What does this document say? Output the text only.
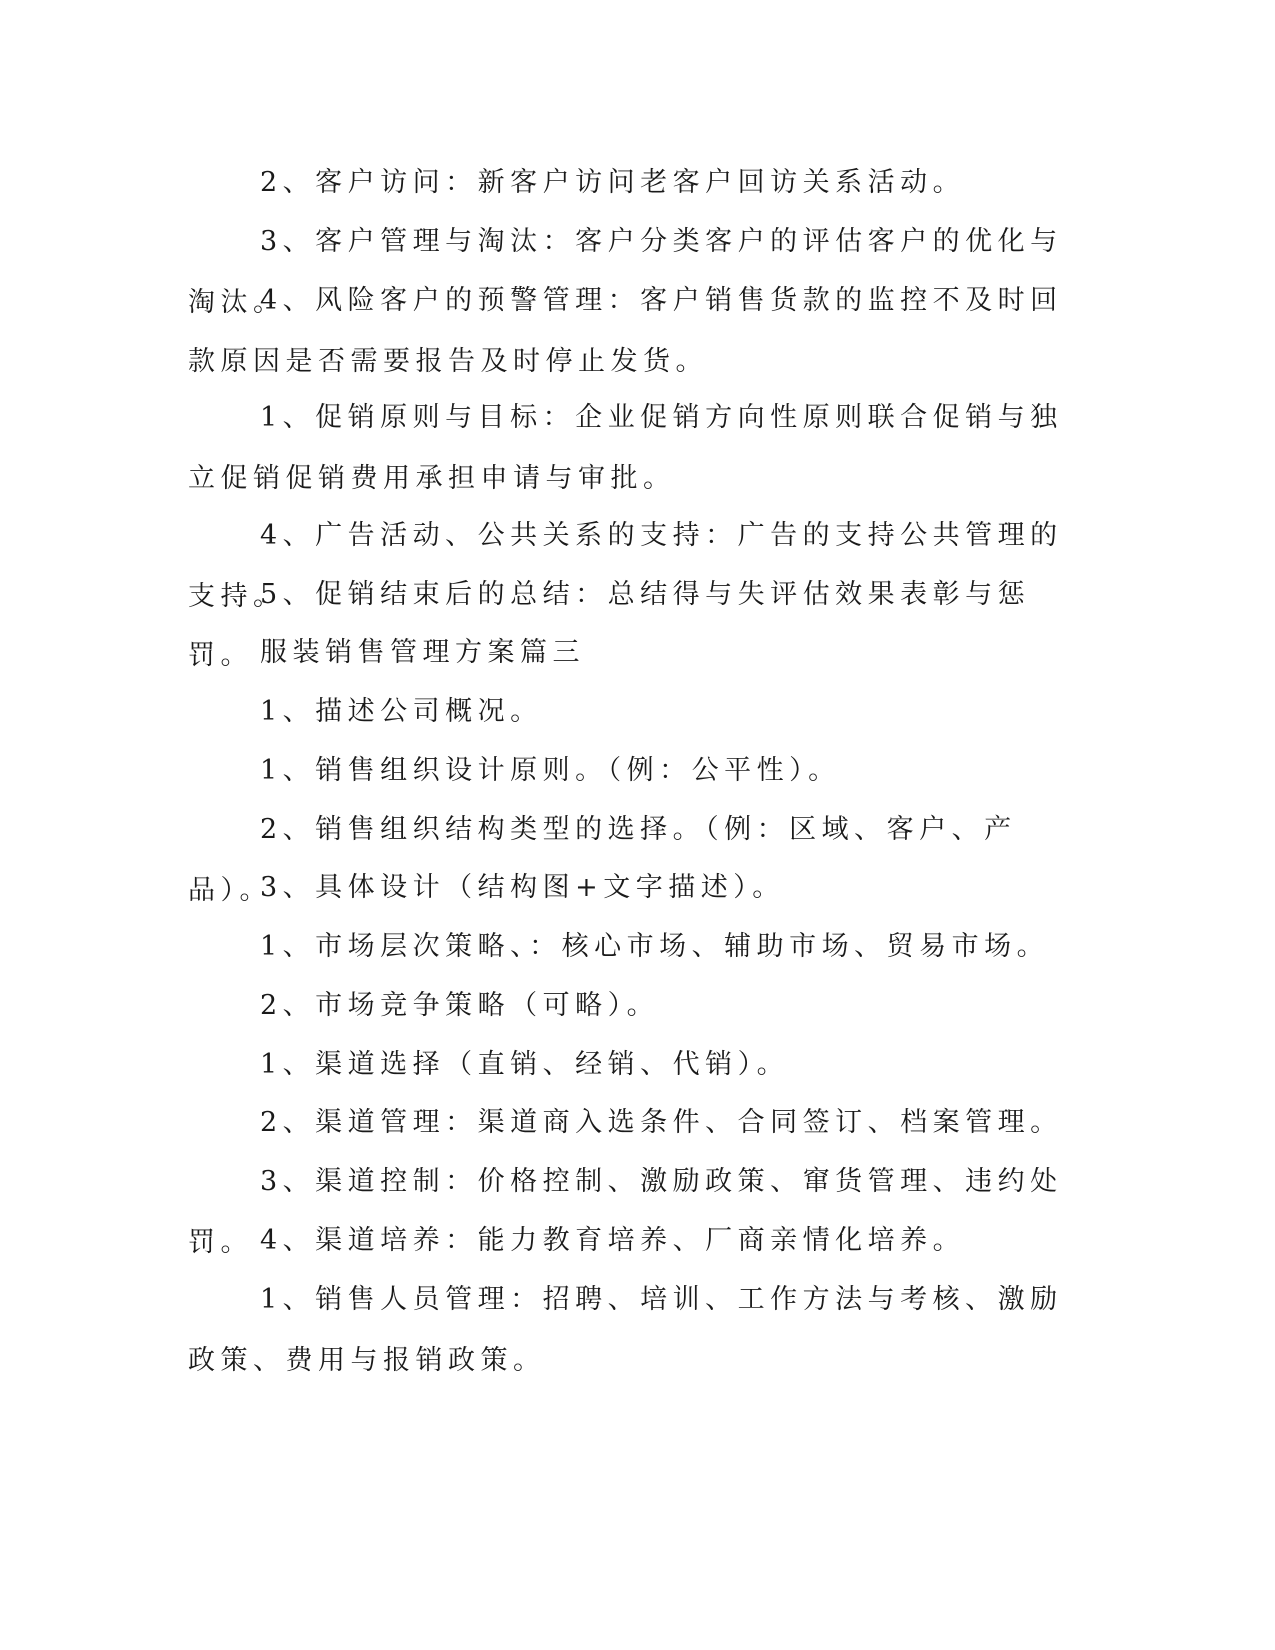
2、客户访问：新客户访问老客户回访关系活动。

3、客户管理与淘汰：客户分类客户的评估客户的优化与淘汰。

4、风险客户的预警管理：客户销售货款的监控不及时回款原因是否需要报告及时停止发货。

1、促销原则与目标：企业促销方向性原则联合促销与独立促销促销费用承担申请与审批。

4、广告活动、公共关系的支持：广告的支持公共管理的支持。

5、促销结束后的总结：总结得与失评估效果表彰与惩罚。 服装销售管理方案篇三

1、描述公司概况。

1、销售组织设计原则。（例：公平性）。

2、销售组织结构类型的选择。（例：区域、客户、产品）。

3、具体设计（结构图+文字描述）。

1、市场层次策略、：核心市场、辅助市场、贸易市场。

2、市场竞争策略（可略）。

1、渠道选择（直销、经销、代销）。

2、渠道管理：渠道商入选条件、合同签订、档案管理。

3、渠道控制：价格控制、激励政策、窜货管理、违约处罚。 4、渠道培养：能力教育培养、厂商亲情化培养。

1、销售人员管理：招聘、培训、工作方法与考核、激励政策、费用与报销政策。
